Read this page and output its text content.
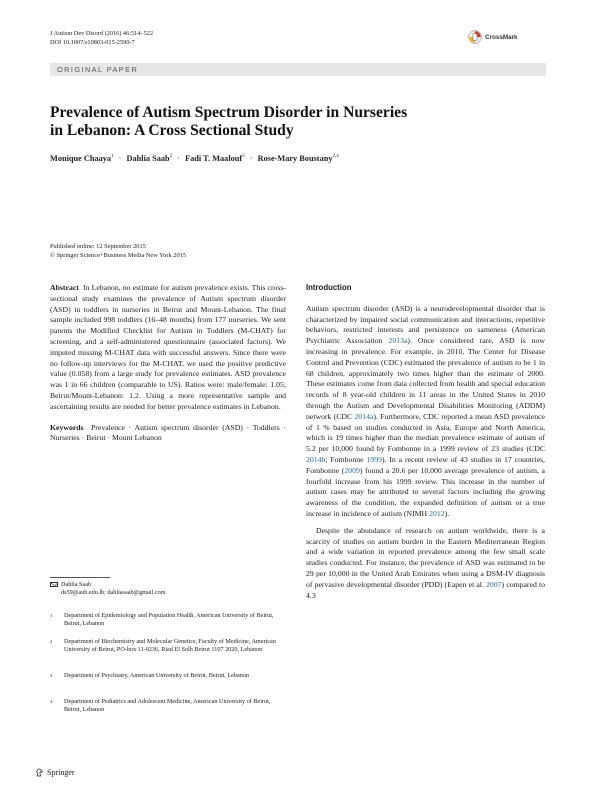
J Autism Dev Disord (2016) 46:514–522
DOI 10.1007/s10803-015-2590-7
CrossMark
ORIGINAL PAPER
Prevalence of Autism Spectrum Disorder in Nurseries
in Lebanon: A Cross Sectional Study
Monique Chaaya$^1$ · Dahlia Saab$^2$ · Fadi T. Maalouf$^3$ · Rose-Mary Boustany$^{2,4}$
Published online: 12 September 2015
© Springer Science+Business Media New York 2015

Abstract In Lebanon, no estimate for autism prevalence exists. This cross-sectional study examines the prevalence of Autism spectrum disorder (ASD) in toddlers in nurseries in Beirut and Mount-Lebanon. The final sample included 998 toddlers (16–48 months) from 177 nurseries. We sent parents the Modified Checklist for Autism in Toddlers (M-CHAT) for screening, and a self-administered questionnaire (associated factors). We imputed missing M-CHAT data with successful answers. Since there were no follow-up interviews for the M-CHAT, we used the positive predictive value (0.058) from a large study for prevalence estimates. ASD prevalence was 1 in 66 children (comparable to US). Ratios were: male/female: 1.05; Beirut/Mount-Lebanon: 1.2. Using a more representative sample and ascertaining results are needed for better prevalence estimates in Lebanon.

Keywords Prevalence · Autism spectrum disorder (ASD) · Toddlers · Nurseries · Beirut · Mount Lebanon

Dahlia Saab
ds59@aub.edu.lb; dahliasaab@gmail.com
1 Department of Epidemiology and Population Health, American University of Beirut, Beirut, Lebanon
2 Department of Biochemistry and Molecular Genetics, Faculty of Medicine, American University of Beirut, PO-box 11-0236, Riad El Solh Beirut 1107 2020, Lebanon
3 Department of Psychiatry, American University of Beirut, Beirut, Lebanon
4 Department of Pediatrics and Adolescent Medicine, American University of Beirut, Beirut, Lebanon
Introduction

Autism spectrum disorder (ASD) is a neurodevelopmental disorder that is characterized by impaired social communication and interactions, repetitive behaviors, restricted interests and persistence on sameness (American Psychiatric Association 2013a). Once considered rare, ASD is now increasing in prevalence. For example, in 2010, The Center for Disease Control and Prevention (CDC) estimated the prevalence of autism to be 1 in 68 children, approximately two times higher than the estimate of 2000. These estimates come from data collected from health and special education records of 8 year-old children in 11 areas in the United States in 2010 through the Autism and Developmental Disabilities Monitoring (ADDM) network (CDC 2014a). Furthermore, CDC reported a mean ASD prevalence of 1 % based on studies conducted in Asia, Europe and North America, which is 19 times higher than the median prevalence estimate of autism of 5.2 per 10,000 found by Fombonne in a 1999 review of 23 studies (CDC 2014b; Fombonne 1999). In a recent review of 43 studies in 17 countries, Fombonne (2009) found a 20.6 per 10,000 average prevalence of autism, a fourfold increase from his 1999 review. This increase in the number of autism cases may be attributed to several factors including the growing awareness of the condition, the expanded definition of autism or a true increase in incidence of autism (NIMH 2012).

Despite the abundance of research on autism worldwide, there is a scarcity of studies on autism burden in the Eastern Mediterranean Region and a wide variation in reported prevalence among the few small scale studies conducted. For instance, the prevalence of ASD was estimated to be 29 per 10,000 in the United Arab Emirates when using a DSM-IV diagnosis of pervasive developmental disorder (PDD) (Eapen et al. 2007) compared to 4.3

Springer
